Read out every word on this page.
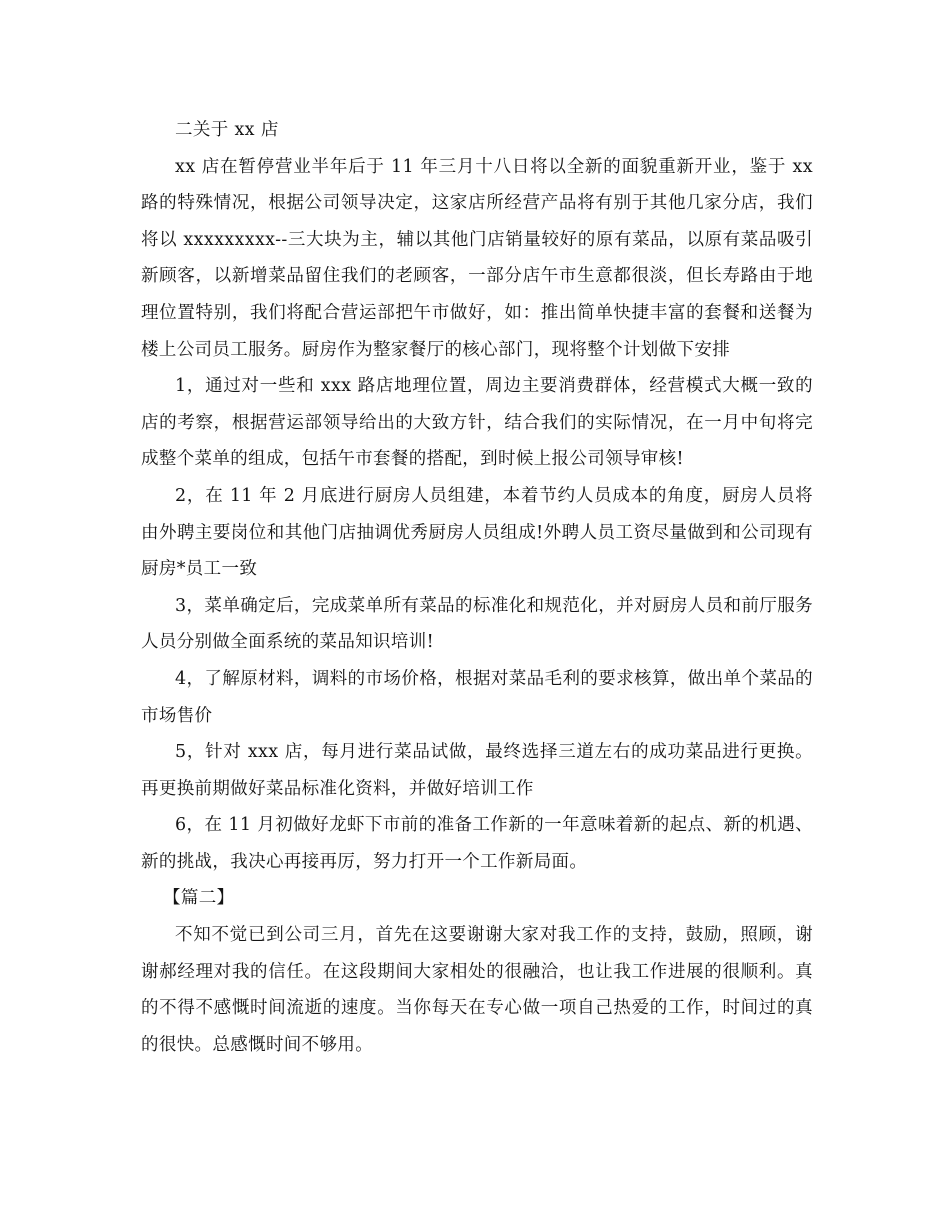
二关于 xx 店

xx 店在暂停营业半年后于 11 年三月十八日将以全新的面貌重新开业，鉴于 xx 路的特殊情况，根据公司领导决定，这家店所经营产品将有别于其他几家分店，我们将以 xxxxxxxxx--三大块为主，辅以其他门店销量较好的原有菜品，以原有菜品吸引新顾客，以新增菜品留住我们的老顾客，一部分店午市生意都很淡，但长寿路由于地理位置特别，我们将配合营运部把午市做好，如：推出简单快捷丰富的套餐和送餐为楼上公司员工服务。厨房作为整家餐厅的核心部门，现将整个计划做下安排

1，通过对一些和 xxx 路店地理位置，周边主要消费群体，经营模式大概一致的店的考察，根据营运部领导给出的大致方针，结合我们的实际情况，在一月中旬将完成整个菜单的组成，包括午市套餐的搭配，到时候上报公司领导审核!

2，在 11 年 2 月底进行厨房人员组建，本着节约人员成本的角度，厨房人员将由外聘主要岗位和其他门店抽调优秀厨房人员组成!外聘人员工资尽量做到和公司现有厨房*员工一致

3，菜单确定后，完成菜单所有菜品的标准化和规范化，并对厨房人员和前厅服务人员分别做全面系统的菜品知识培训!

4，了解原材料，调料的市场价格，根据对菜品毛利的要求核算，做出单个菜品的市场售价

5，针对 xxx 店，每月进行菜品试做，最终选择三道左右的成功菜品进行更换。再更换前期做好菜品标准化资料，并做好培训工作

6，在 11 月初做好龙虾下市前的准备工作新的一年意味着新的起点、新的机遇、新的挑战，我决心再接再厉，努力打开一个工作新局面。

【篇二】

不知不觉已到公司三月，首先在这要谢谢大家对我工作的支持，鼓励，照顾，谢谢郝经理对我的信任。在这段期间大家相处的很融洽，也让我工作进展的很顺利。真的不得不感慨时间流逝的速度。当你每天在专心做一项自己热爱的工作，时间过的真的很快。总感慨时间不够用。
